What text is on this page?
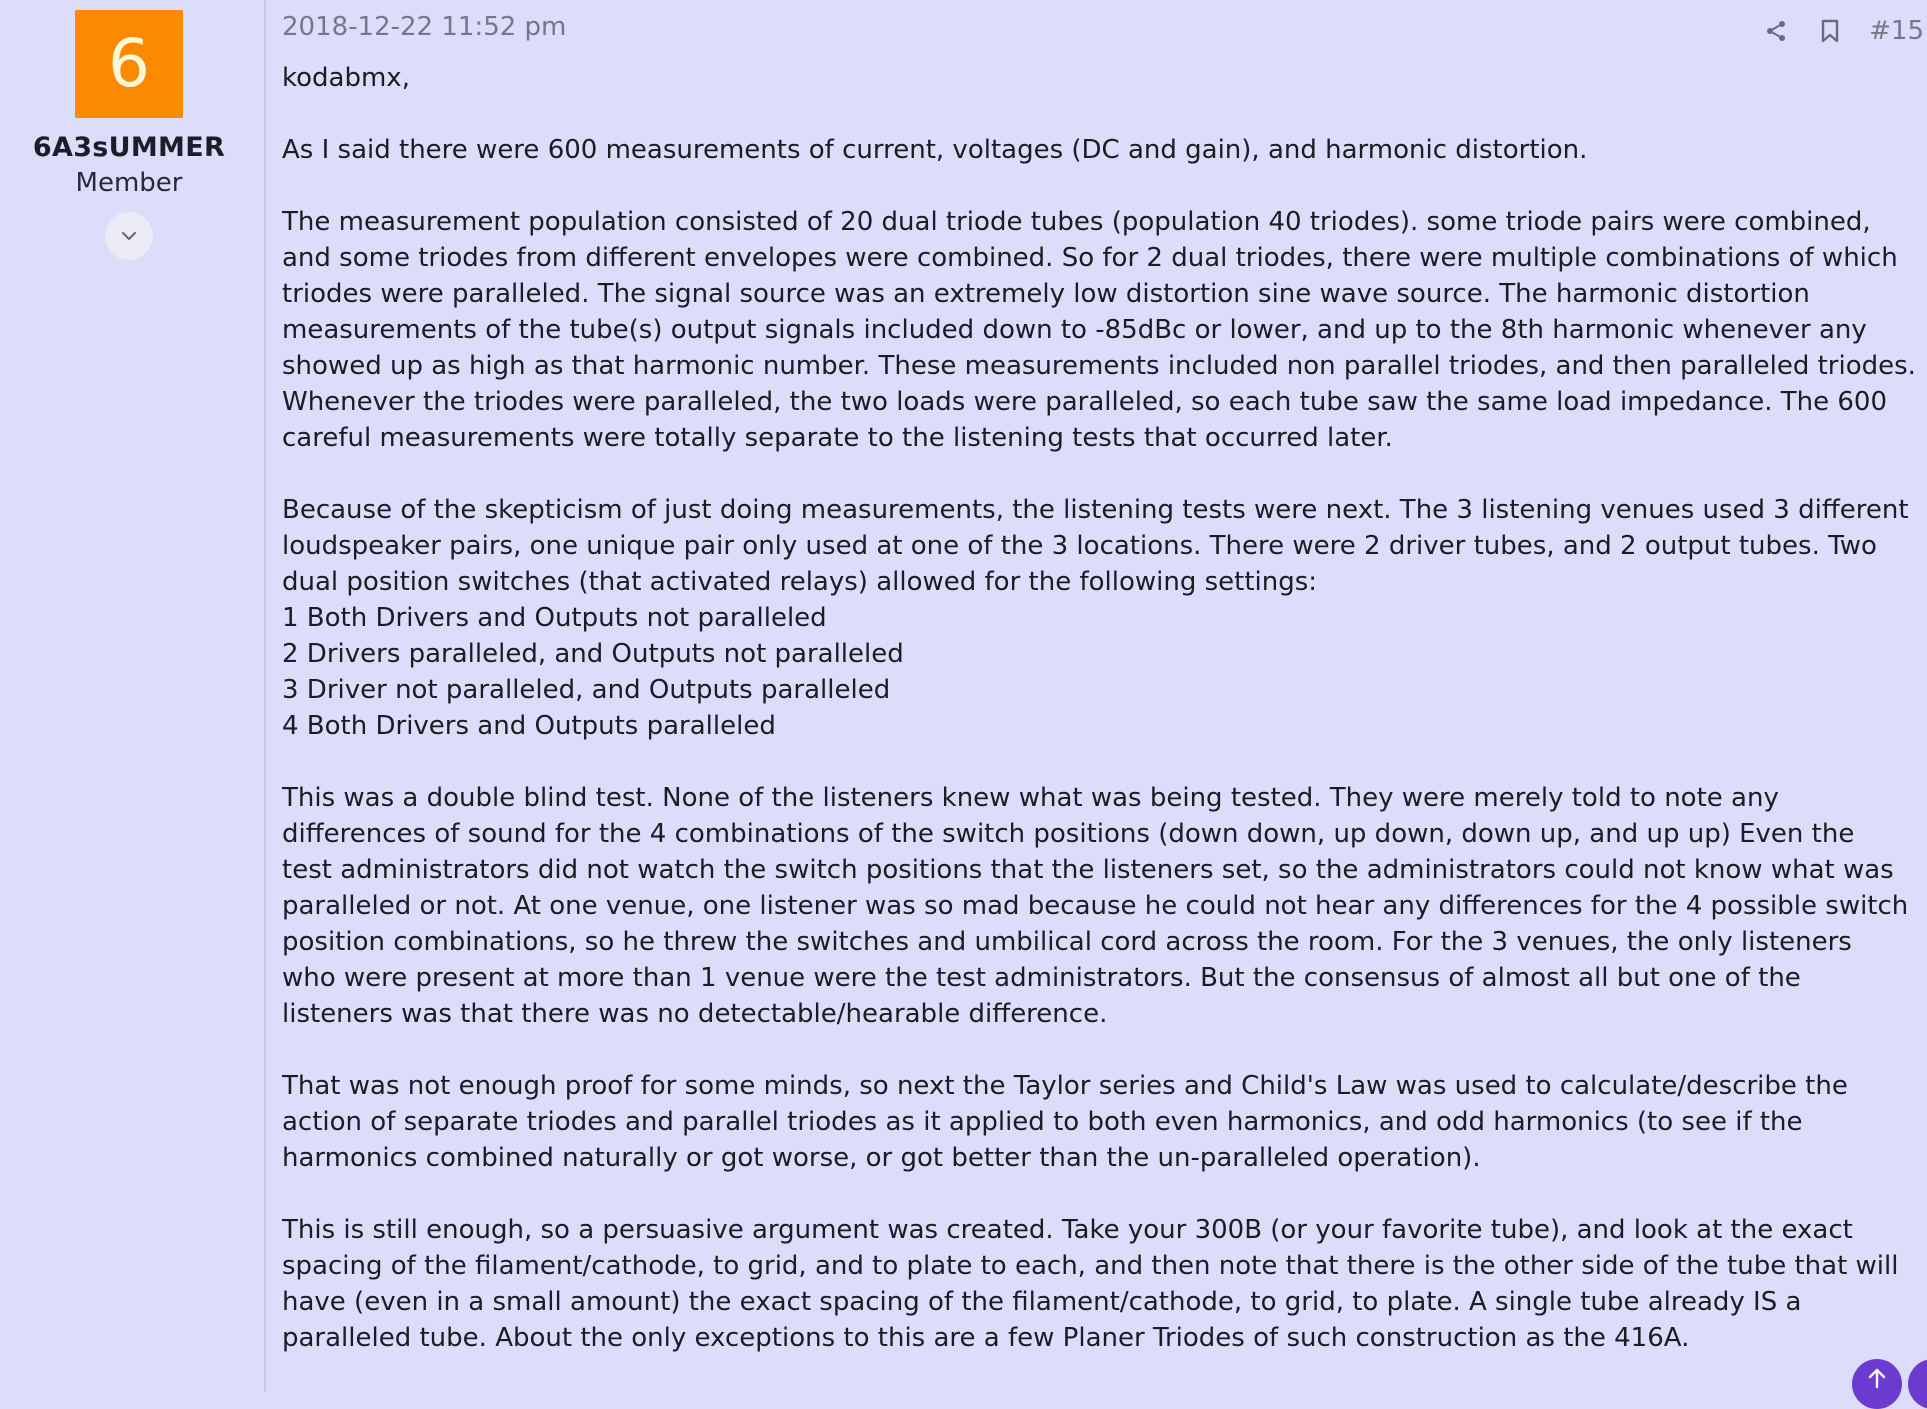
6
6A3sUMMER
Member
2018-12-22 11:52 pm	#15

kodabmx,

As I said there were 600 measurements of current, voltages (DC and gain), and harmonic distortion.

The measurement population consisted of 20 dual triode tubes (population 40 triodes). some triode pairs were combined,
and some triodes from different envelopes were combined. So for 2 dual triodes, there were multiple combinations of which
triodes were paralleled. The signal source was an extremely low distortion sine wave source. The harmonic distortion
measurements of the tube(s) output signals included down to -85dBc or lower, and up to the 8th harmonic whenever any
showed up as high as that harmonic number. These measurements included non parallel triodes, and then paralleled triodes.
Whenever the triodes were paralleled, the two loads were paralleled, so each tube saw the same load impedance. The 600
careful measurements were totally separate to the listening tests that occurred later.

Because of the skepticism of just doing measurements, the listening tests were next. The 3 listening venues used 3 different
loudspeaker pairs, one unique pair only used at one of the 3 locations. There were 2 driver tubes, and 2 output tubes. Two
dual position switches (that activated relays) allowed for the following settings:
1 Both Drivers and Outputs not paralleled
2 Drivers paralleled, and Outputs not paralleled
3 Driver not paralleled, and Outputs paralleled
4 Both Drivers and Outputs paralleled

This was a double blind test. None of the listeners knew what was being tested. They were merely told to note any
differences of sound for the 4 combinations of the switch positions (down down, up down, down up, and up up) Even the
test administrators did not watch the switch positions that the listeners set, so the administrators could not know what was
paralleled or not. At one venue, one listener was so mad because he could not hear any differences for the 4 possible switch
position combinations, so he threw the switches and umbilical cord across the room. For the 3 venues, the only listeners
who were present at more than 1 venue were the test administrators. But the consensus of almost all but one of the
listeners was that there was no detectable/hearable difference.

That was not enough proof for some minds, so next the Taylor series and Child's Law was used to calculate/describe the
action of separate triodes and parallel triodes as it applied to both even harmonics, and odd harmonics (to see if the
harmonics combined naturally or got worse, or got better than the un-paralleled operation).

This is still enough, so a persuasive argument was created. Take your 300B (or your favorite tube), and look at the exact
spacing of the filament/cathode, to grid, and to plate to each, and then note that there is the other side of the tube that will
have (even in a small amount) the exact spacing of the filament/cathode, to grid, to plate. A single tube already IS a
paralleled tube. About the only exceptions to this are a few Planer Triodes of such construction as the 416A.
